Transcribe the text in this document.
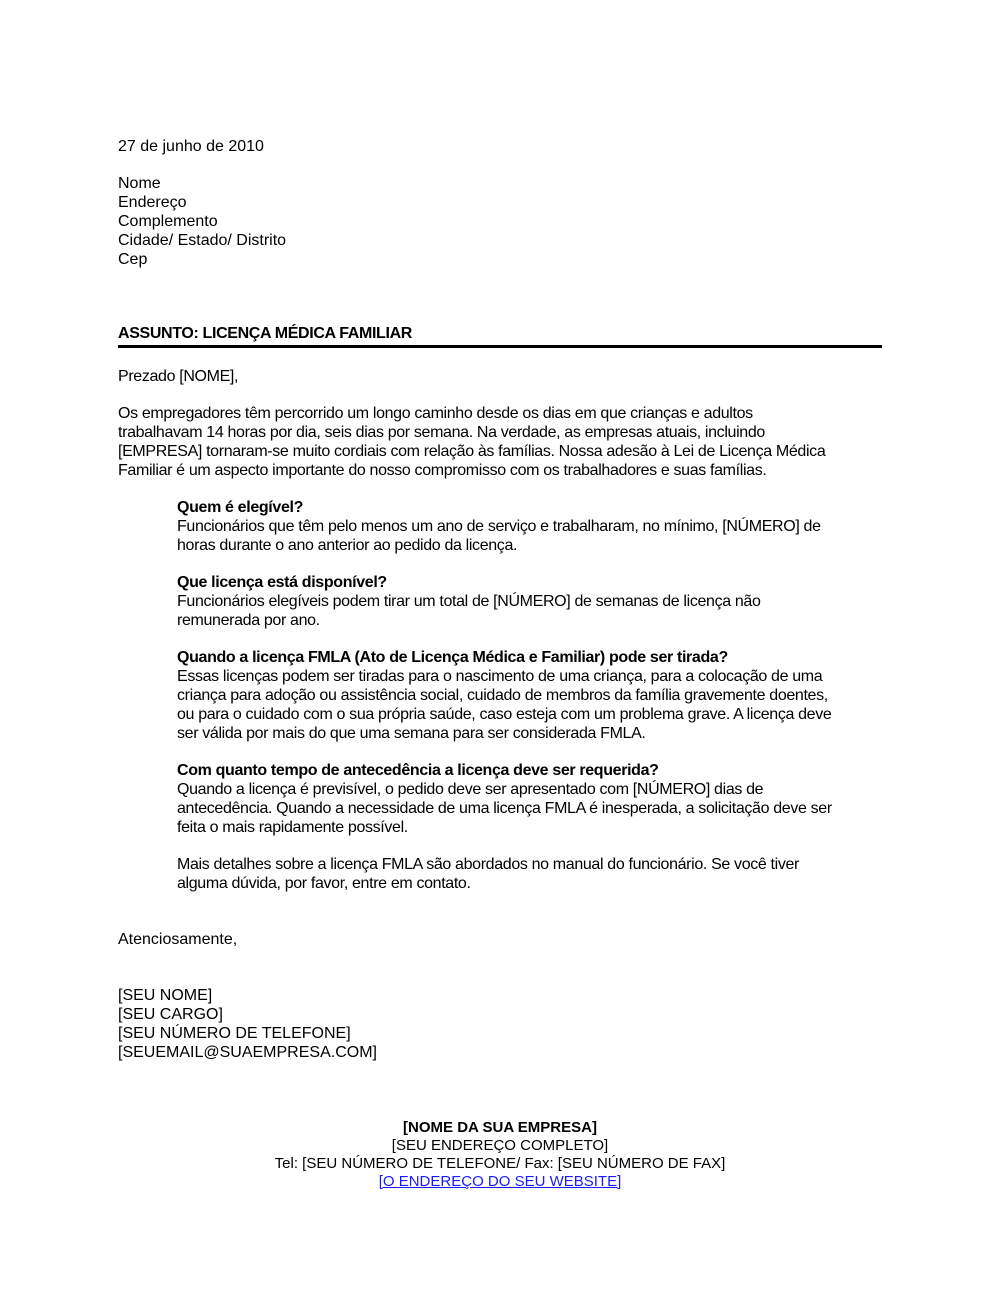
27 de junho de 2010
Nome
Endereço
Complemento
Cidade/ Estado/ Distrito
Cep
ASSUNTO: LICENÇA MÉDICA FAMILIAR
Prezado [NOME],
Os empregadores têm percorrido um longo caminho desde os dias em que crianças e adultos
trabalhavam 14 horas por dia, seis dias por semana. Na verdade, as empresas atuais, incluindo
[EMPRESA] tornaram-se muito cordiais com relação às famílias. Nossa adesão à Lei de Licença Médica
Familiar é um aspecto importante do nosso compromisso com os trabalhadores e suas famílias.
Quem é elegível?
Funcionários que têm pelo menos um ano de serviço e trabalharam, no mínimo, [NÚMERO] de
horas durante o ano anterior ao pedido da licença.
Que licença está disponível?
Funcionários elegíveis podem tirar um total de [NÚMERO] de semanas de licença não
remunerada por ano.
Quando a licença FMLA (Ato de Licença Médica e Familiar) pode ser tirada?
Essas licenças podem ser tiradas para o nascimento de uma criança, para a colocação de uma
criança para adoção ou assistência social, cuidado de membros da família gravemente doentes,
ou para o cuidado com o sua própria saúde, caso esteja com um problema grave. A licença deve
ser válida por mais do que uma semana para ser considerada FMLA.
Com quanto tempo de antecedência a licença deve ser requerida?
Quando a licença é previsível, o pedido deve ser apresentado com [NÚMERO] dias de
antecedência. Quando a necessidade de uma licença FMLA é inesperada, a solicitação deve ser
feita o mais rapidamente possível.
Mais detalhes sobre a licença FMLA são abordados no manual do funcionário. Se você tiver
alguma dúvida, por favor, entre em contato.
Atenciosamente,
[SEU NOME]
[SEU CARGO]
[SEU NÚMERO DE TELEFONE]
[SEUEMAIL@SUAEMPRESA.COM]
[NOME DA SUA EMPRESA]
[SEU ENDEREÇO COMPLETO]
Tel: [SEU NÚMERO DE TELEFONE/ Fax: [SEU NÚMERO DE FAX]
[O ENDEREÇO DO SEU WEBSITE]
